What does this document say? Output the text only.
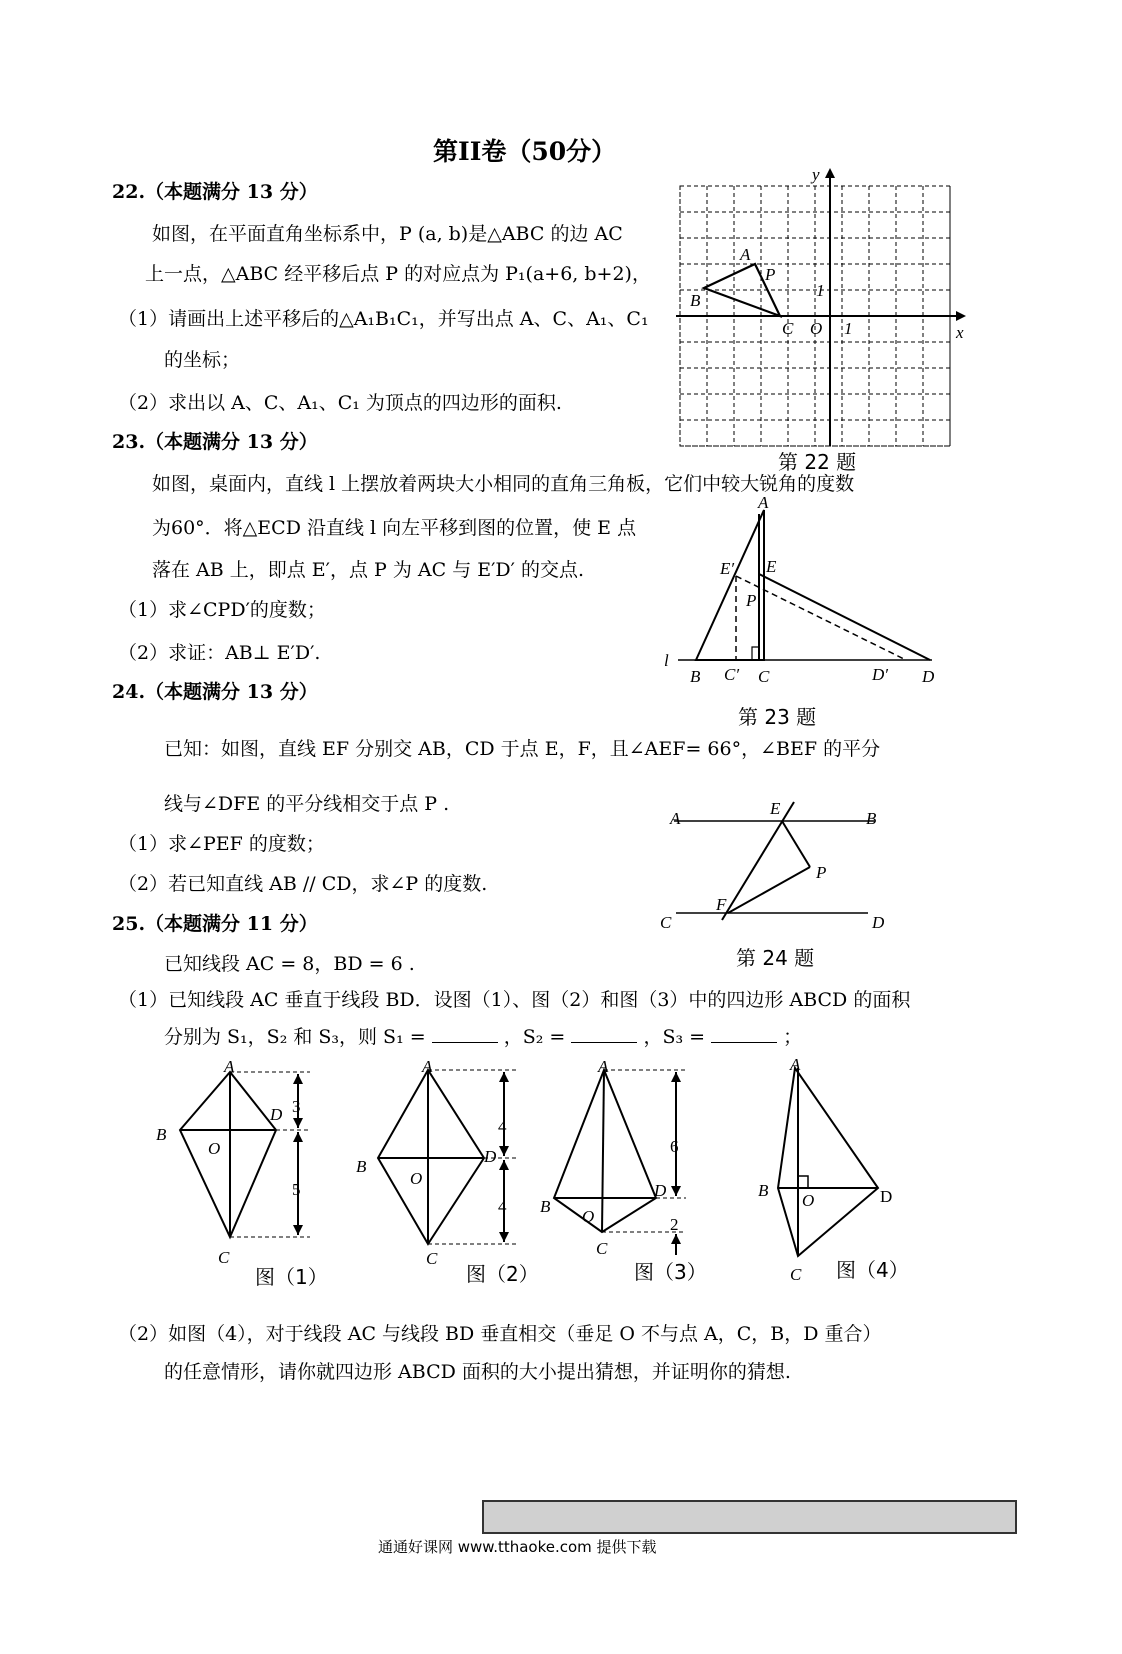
第II卷（50分）
22.（本题满分 13 分）
如图，在平面直角坐标系中，P (a, b)是△ABC 的边 AC
上一点，△ABC 经平移后点 P 的对应点为 P₁(a+6, b+2)，
（1）请画出上述平移后的△A₁B₁C₁，并写出点 A、C、A₁、C₁
的坐标；
（2）求出以 A、C、A₁、C₁ 为顶点的四边形的面积.
x
y
A
B
C
P
O 1
1
第 22 题
23.（本题满分 13 分）
如图，桌面内，直线 l 上摆放着两块大小相同的直角三角板，它们中较大锐角的度数
为60°．将△ECD 沿直线 l 向左平移到图的位置，使 E 点
落在 AB 上，即点 E′，点 P 为 AC 与 E′D′ 的交点.
（1）求∠CPD′的度数；
（2）求证：AB⊥ E′D′.
A
E′ E
P
l
B C′ C	D′ D
第 23 题
24.（本题满分 13 分）
已知：如图，直线 EF 分别交 AB，CD 于点 E，F，且∠AEF= 66°，∠BEF 的平分
线与∠DFE 的平分线相交于点 P .
（1）求∠PEF 的度数；
（2）若已知直线 AB // CD，求∠P 的度数.
A
E
B
P
F
C	D
第 24 题
25.（本题满分 11 分）
已知线段 AC = 8，BD = 6 .
（1）已知线段 AC 垂直于线段 BD．设图（1）、图（2）和图（3）中的四边形 ABCD 的面积
分别为 S₁，S₂ 和 S₃，则 S₁ =	，S₂ =	，S₃ =	；
A
B
D
O
C
3
5
图（1）
A
B
D
O
C
4
4
图（2）
A
B
D
O
C
6
2
图（3）
A
B	D
O
C 图（4）
（2）如图（4），对于线段 AC 与线段 BD 垂直相交（垂足 O 不与点 A，C，B，D 重合）
的任意情形，请你就四边形 ABCD 面积的大小提出猜想，并证明你的猜想.
通通好课网 www.tthaoke.com 提供下载
